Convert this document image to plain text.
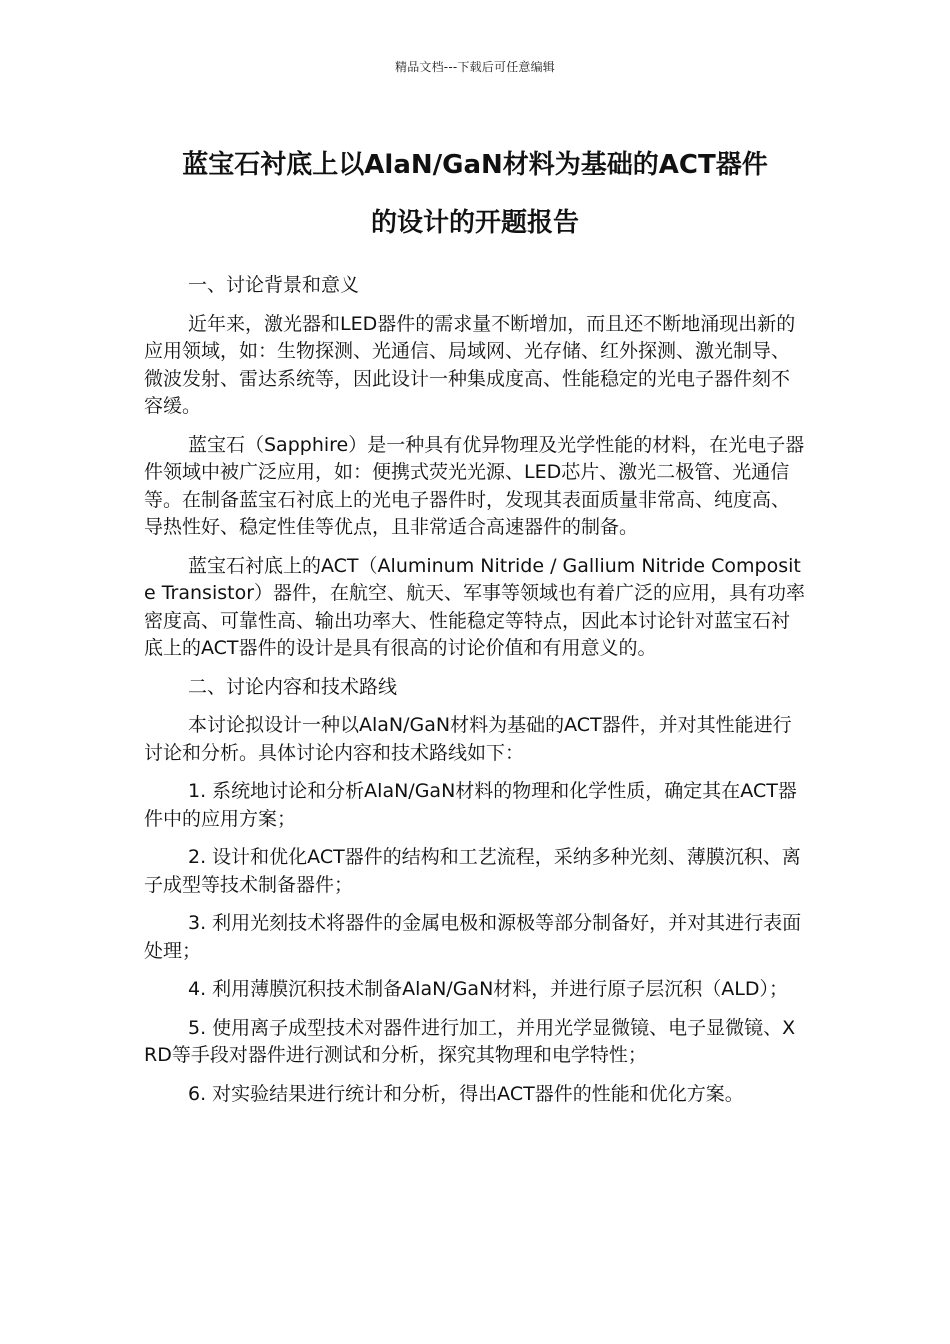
精品文档---下载后可任意编辑
蓝宝石衬底上以AlaN/GaN材料为基础的ACT器件
的设计的开题报告

一、讨论背景和意义

近年来，激光器和LED器件的需求量不断增加，而且还不断地涌现出新的应用领域，如：生物探测、光通信、局域网、光存储、红外探测、激光制导、微波发射、雷达系统等，因此设计一种集成度高、性能稳定的光电子器件刻不容缓。

蓝宝石（Sapphire）是一种具有优异物理及光学性能的材料，在光电子器件领域中被广泛应用，如：便携式荧光光源、LED芯片、激光二极管、光通信等。在制备蓝宝石衬底上的光电子器件时，发现其表面质量非常高、纯度高、导热性好、稳定性佳等优点，且非常适合高速器件的制备。

蓝宝石衬底上的ACT（Aluminum Nitride / Gallium Nitride Composite Transistor）器件，在航空、航天、军事等领域也有着广泛的应用，具有功率密度高、可靠性高、输出功率大、性能稳定等特点，因此本讨论针对蓝宝石衬底上的ACT器件的设计是具有很高的讨论价值和有用意义的。

二、讨论内容和技术路线

本讨论拟设计一种以AlaN/GaN材料为基础的ACT器件，并对其性能进行讨论和分析。具体讨论内容和技术路线如下：

1. 系统地讨论和分析AlaN/GaN材料的物理和化学性质，确定其在ACT器件中的应用方案；

2. 设计和优化ACT器件的结构和工艺流程，采纳多种光刻、薄膜沉积、离子成型等技术制备器件；

3. 利用光刻技术将器件的金属电极和源极等部分制备好，并对其进行表面处理；

4. 利用薄膜沉积技术制备AlaN/GaN材料，并进行原子层沉积（ALD）；

5. 使用离子成型技术对器件进行加工，并用光学显微镜、电子显微镜、XRD等手段对器件进行测试和分析，探究其物理和电学特性；

6. 对实验结果进行统计和分析，得出ACT器件的性能和优化方案。
